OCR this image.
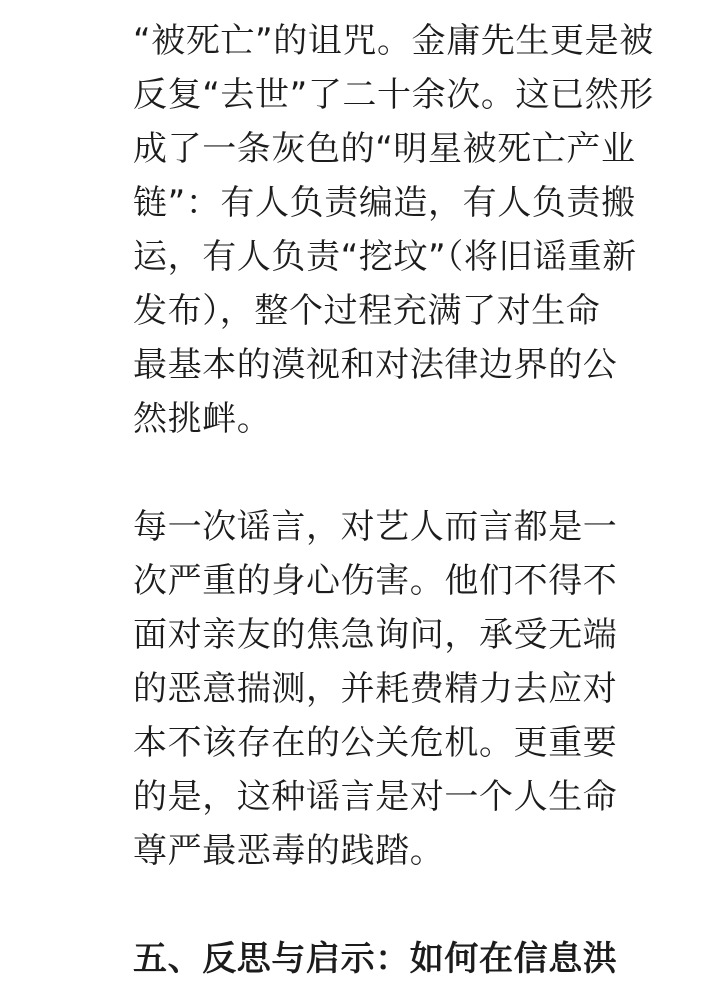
“被死亡”的诅咒。金庸先生更是被
反复“去世”了二十余次。这已然形
成了一条灰色的“明星被死亡产业
链”：有人负责编造，有人负责搬
运，有人负责“挖坟”（将旧谣重新
发布），整个过程充满了对生命
最基本的漠视和对法律边界的公
然挑衅。
每一次谣言，对艺人而言都是一
次严重的身心伤害。他们不得不
面对亲友的焦急询问，承受无端
的恶意揣测，并耗费精力去应对
本不该存在的公关危机。更重要
的是，这种谣言是对一个人生命
尊严最恶毒的践踏。
五、反思与启示：如何在信息洪
